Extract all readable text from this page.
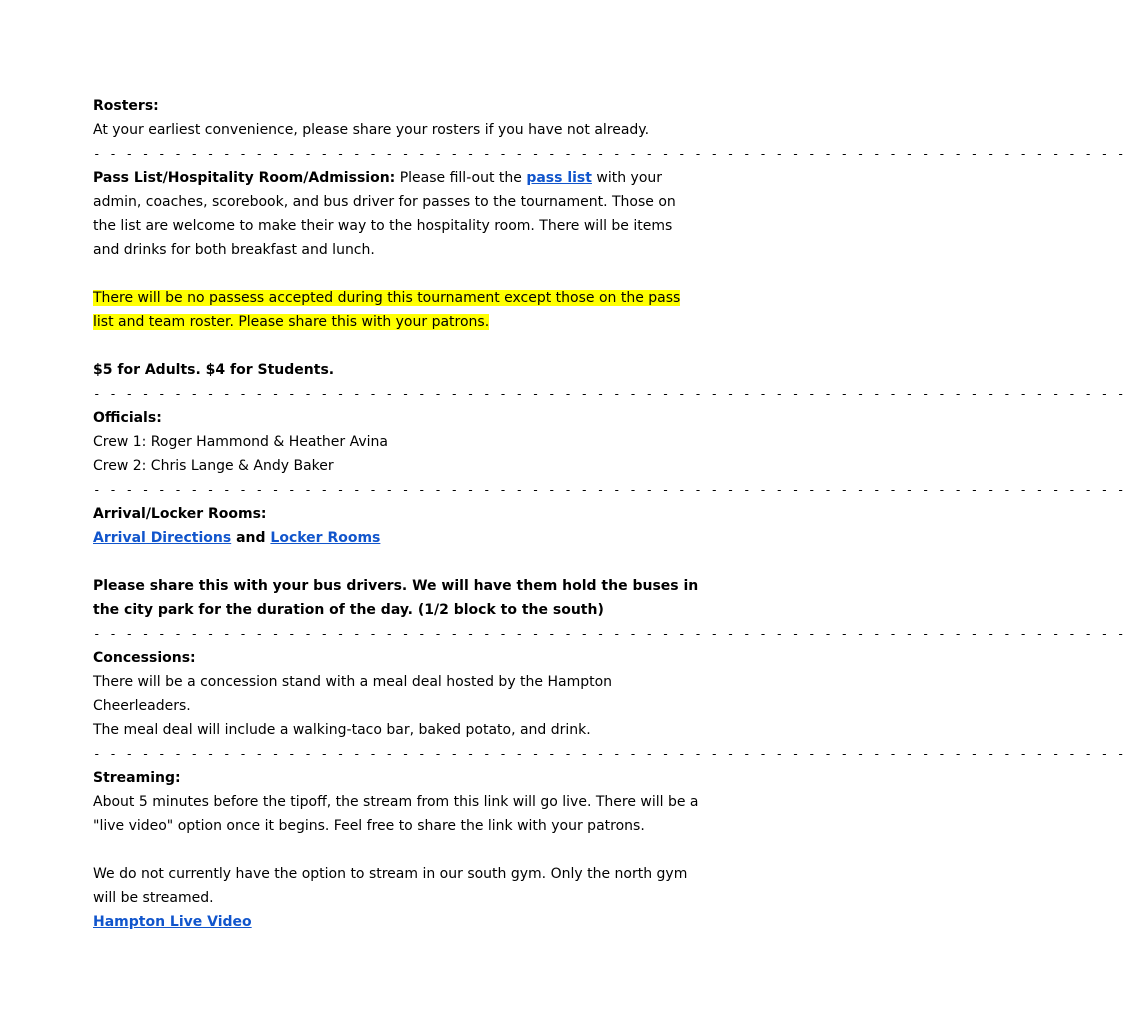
Rosters:
At your earliest convenience, please share your rosters if you have not already.
- - - - - - - - - - - - - - - - - - - - - - - - - - - - - - - - - - - - - - - - - - - - - - - - - - - - - - - - - - - - - - - -
Pass List/Hospitality Room/Admission: Please fill-out the pass list with your admin, coaches, scorebook, and bus driver for passes to the tournament. Those on the list are welcome to make their way to the hospitality room. There will be items and drinks for both breakfast and lunch.
There will be no passess accepted during this tournament except those on the pass
list and team roster. Please share this with your patrons.
$5 for Adults. $4 for Students.
- - - - - - - - - - - - - - - - - - - - - - - - - - - - - - - - - - - - - - - - - - - - - - - - - - - - - - - - - - - - - - - -
Officials:
Crew 1: Roger Hammond & Heather Avina
Crew 2: Chris Lange & Andy Baker
- - - - - - - - - - - - - - - - - - - - - - - - - - - - - - - - - - - - - - - - - - - - - - - - - - - - - - - - - - - - - - - -
Arrival/Locker Rooms:
Arrival Directions and Locker Rooms
Please share this with your bus drivers. We will have them hold the buses in the city park for the duration of the day. (1/2 block to the south)
- - - - - - - - - - - - - - - - - - - - - - - - - - - - - - - - - - - - - - - - - - - - - - - - - - - - - - - - - - - - - - - -
Concessions:
There will be a concession stand with a meal deal hosted by the Hampton Cheerleaders.
The meal deal will include a walking-taco bar, baked potato, and drink.
- - - - - - - - - - - - - - - - - - - - - - - - - - - - - - - - - - - - - - - - - - - - - - - - - - - - - - - - - - - - - - - -
Streaming:
About 5 minutes before the tipoff, the stream from this link will go live. There will be a "live video" option once it begins. Feel free to share the link with your patrons.
We do not currently have the option to stream in our south gym. Only the north gym will be streamed.
Hampton Live Video
